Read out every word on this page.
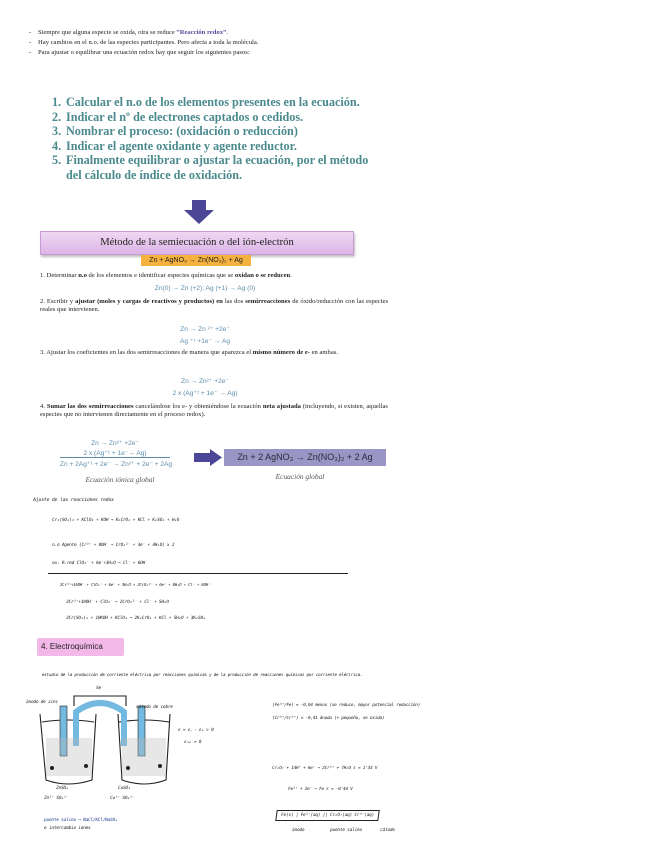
- Siempre que alguna especie se oxida, otra se reduce “Reacción redox”.
- Hay cambios en el n.o. de las especies participantes. Pero afecta a toda la molécula.
- Para ajustar o equilibrar una ecuación redox hay que seguir los siguientes pasos:
1. Calcular el n.o de los elementos presentes en la ecuación.
2. Indicar el nº de electrones captados o cedidos.
3. Nombrar el proceso: (oxidación o reducción)
4. Indicar el agente oxidante y agente reductor.
5. Finalmente equilibrar o ajustar la ecuación, por el método del cálculo de índice de oxidación.
Método de la semiecuación o del ión-electrón
Zn + AgNO₃ → Zn(NO₃)₂ + Ag
1. Determinar n.o de los elementos e identificar especies químicas que se oxidan o se reducen.
Zn(0) → Zn (+2); Ag (+1) → Ag (0)
2. Escribir y ajustar (moles y cargas de reactivos y productos) en las dos semirreacciones de óxido/reducción con las especies reales que intervienen.
Zn → Zn ²⁺ +2e⁻
Ag ⁺¹ +1e⁻ → Ag
3. Ajustar los coeficientes en las dos semirreacciones de manera que aparezca el mismo número de e- en ambas.
Zn → Zn²⁺ +2e⁻
2 x (Ag⁺¹ + 1e⁻ → Ag)
4. Sumar las dos semirreacciones cancelándose los e- y obteniéndose la ecuación neta ajustada (incluyendo, si existen, aquellas especies que no intervienen directamente en el proceso redox).
Zn → Zn²⁺ +2e⁻
2 x (Ag⁺¹ + 1e⁻→ Ag)
Zn + 2Ag⁺¹ + 2e⁻ → Zn²⁺ + 2e⁻ + 2Ag
Zn + 2 AgNO₃ → Zn(NO₃)₂ + 2 Ag
Ecuación iónica global	Ecuación global
Ajuste de las reacciones redox
Cr₂(SO₄)₃ + KClO₃ + KOH → K₂CrO₄ + KCl + K₂SO₄ + H₂O
n.o Agente (Cr³⁺ + 8OH⁻ → CrO₄²⁻ + 3e⁻ + 4H₂O) x 2
ox. R.red ClO₃⁻ + 6e⁻+3H₂O → Cl⁻ + 6OH⁻
2Cr³⁺+16OH⁻ + ClO₃⁻ + 6e⁻ + 3H₂O → 2CrO₄²⁻ + 6e⁻ + 8H₂O + Cl⁻ + 6OH⁻
2Cr³⁺+10OH⁻ + ClO₃⁻ → 2CrO₄²⁻ + Cl⁻ + 5H₂O
2Cr(SO₄)₃ + 10KOH + KClO₃ → 2K₂CrO₄ + KCl + 5H₂O + 3K₂SO₄
4. Electroquímica
estudio de la producción de corriente eléctrica por reacciones químicas y de la producción de reacciones químicas por corriente eléctrica.
ánodo de zinc
Se⁻
cátodo de cobre
ZnSO₄
Zn²⁺ SO₄²⁻
CuSO₄
Cu²⁺ SO₄²⁻
puente salino → NaCl/KCl/NaSO₄
e intercambio iones
ε = ε꜀ - εₐ > 0
εₐₚ = 0
(Fe³⁺/Fe) = -0,04 menos (se reduce, mayor potencial reducción)
(Cr³⁺/Cr²⁺) = -0,41 ánodo (+ pequeño, se oxida)
Cr₂O₇ + 14H⁺ + 6e⁻ → 2Cr³⁺ + 7H₂O ε = 1'33 V
Fe²⁺ + 2e⁻ → Fe ε = -0'44 V
Fe(s) | Fe²⁺(aq) || Cr₂O₇(aq) Cr³⁺(aq)
ánodo	puente salino	cátodo
